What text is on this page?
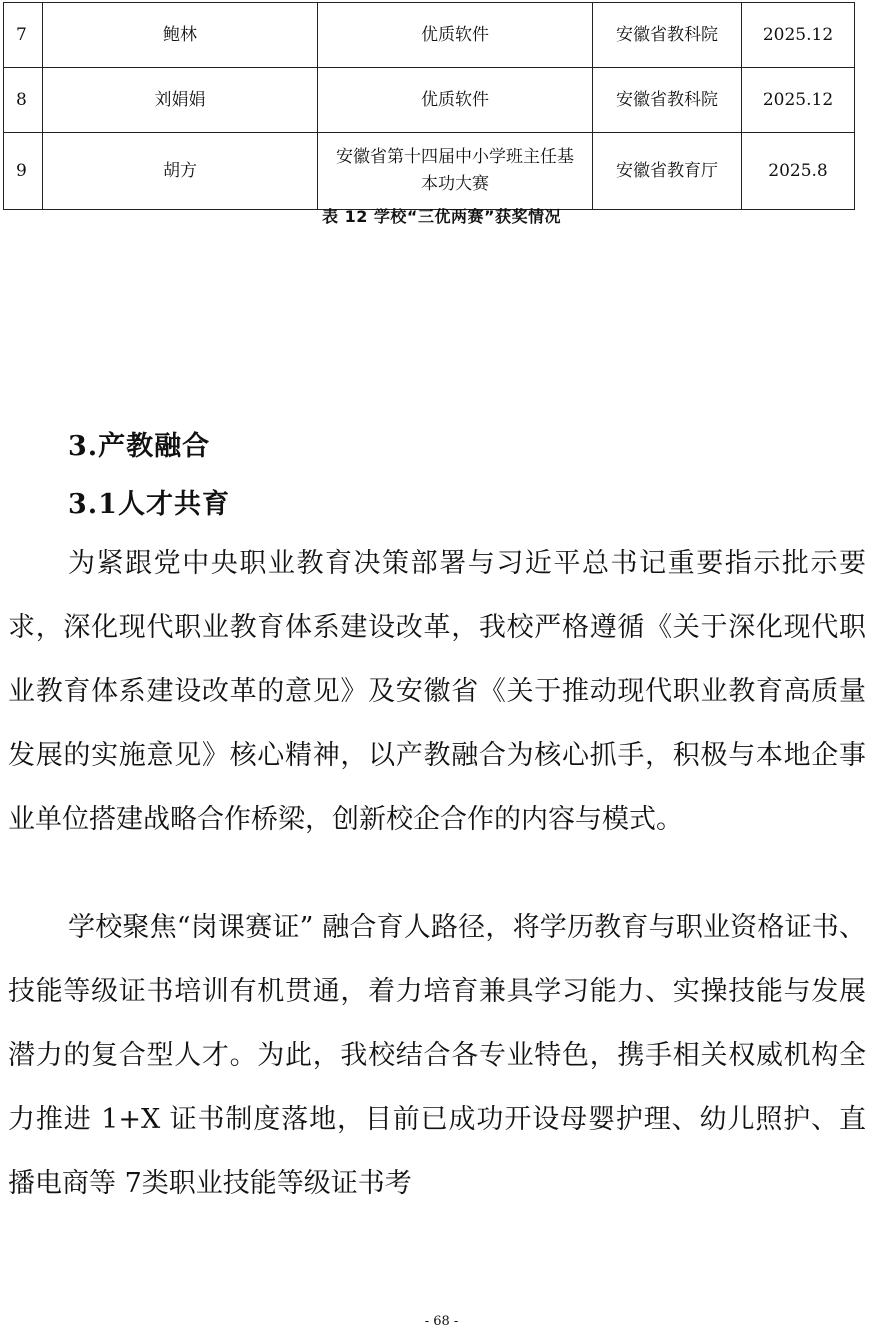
7	鲍林	优质软件	安徽省教科院	2025.12
8	刘娟娟	优质软件	安徽省教科院	2025.12
9	胡方	安徽省第十四届中小学班主任基本功大赛	安徽省教育厅	2025.8
表 12 学校“三优两赛”获奖情况
3.产教融合
3.1人才共育

为紧跟党中央职业教育决策部署与习近平总书记重要指示批示要求，深化现代职业教育体系建设改革，我校严格遵循《关于深化现代职业教育体系建设改革的意见》及安徽省《关于推动现代职业教育高质量发展的实施意见》核心精神，以产教融合为核心抓手，积极与本地企事业单位搭建战略合作桥梁，创新校企合作的内容与模式。

学校聚焦“岗课赛证” 融合育人路径，将学历教育与职业资格证书、技能等级证书培训有机贯通，着力培育兼具学习能力、实操技能与发展潜力的复合型人才。为此，我校结合各专业特色，携手相关权威机构全力推进 1+X 证书制度落地，目前已成功开设母婴护理、幼儿照护、直播电商等 7类职业技能等级证书考

- 68 -
